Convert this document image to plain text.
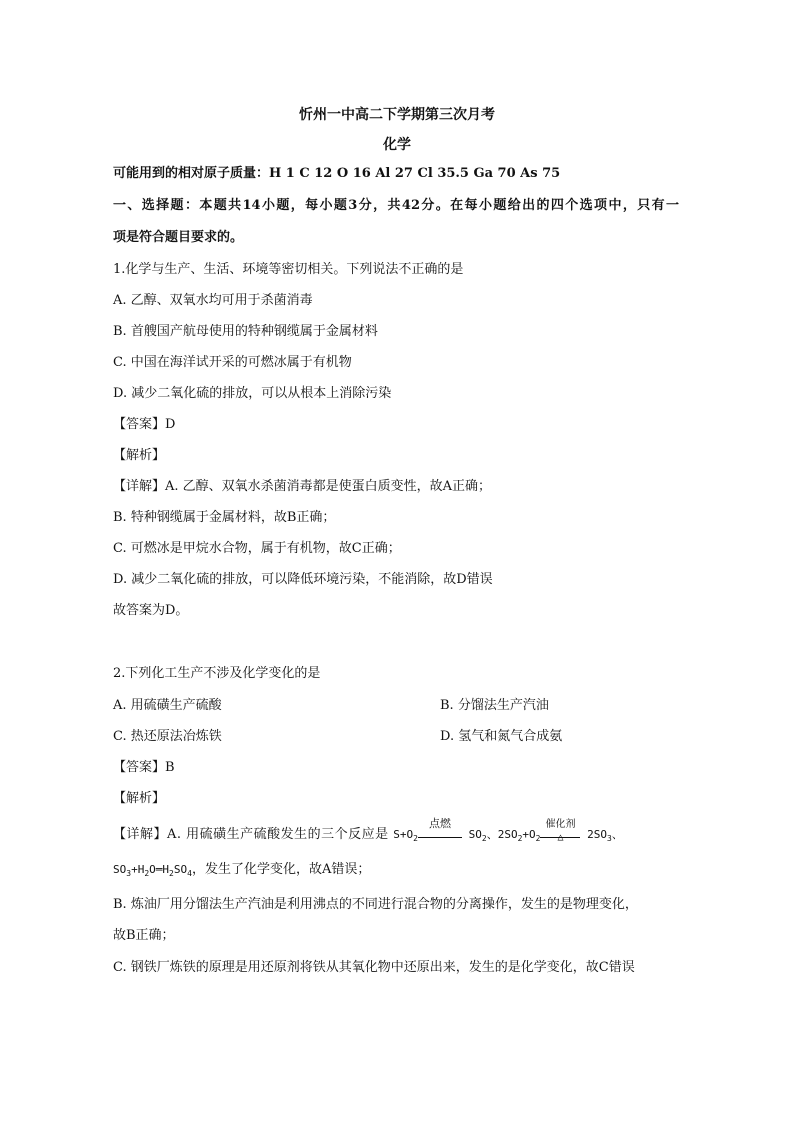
忻州一中高二下学期第三次月考
化学
可能用到的相对原子质量：H 1 C 12 O 16 Al 27 Cl 35.5 Ga 70 As 75
一、选择题：本题共14小题，每小题3分，共42分。在每小题给出的四个选项中，只有一
项是符合题目要求的。
1.化学与生产、生活、环境等密切相关。下列说法不正确的是
A. 乙醇、双氧水均可用于杀菌消毒
B. 首艘国产航母使用的特种钢缆属于金属材料
C. 中国在海洋试开采的可燃冰属于有机物
D. 减少二氧化硫的排放，可以从根本上消除污染
【答案】D
【解析】
【详解】A. 乙醇、双氧水杀菌消毒都是使蛋白质变性，故A正确；
B. 特种钢缆属于金属材料，故B正确；
C. 可燃冰是甲烷水合物，属于有机物，故C正确；
D. 减少二氧化硫的排放，可以降低环境污染，不能消除，故D错误
故答案为D。
2.下列化工生产不涉及化学变化的是
A. 用硫磺生产硫酸	B. 分馏法生产汽油
C. 热还原法冶炼铁	D. 氢气和氮气合成氨
【答案】B
【解析】
【详解】A. 用硫磺生产硫酸发生的三个反应是 $S+O_2$
点燃
$SO_2$、$2SO_2+O_2$
催化剂
△	$2SO_3$、
$SO_3+H_2O═H_2SO_4$，发生了化学变化，故A错误；
B. 炼油厂用分馏法生产汽油是利用沸点的不同进行混合物的分离操作，发生的是物理变化，
故B正确；
C. 钢铁厂炼铁的原理是用还原剂将铁从其氧化物中还原出来，发生的是化学变化，故C错误
